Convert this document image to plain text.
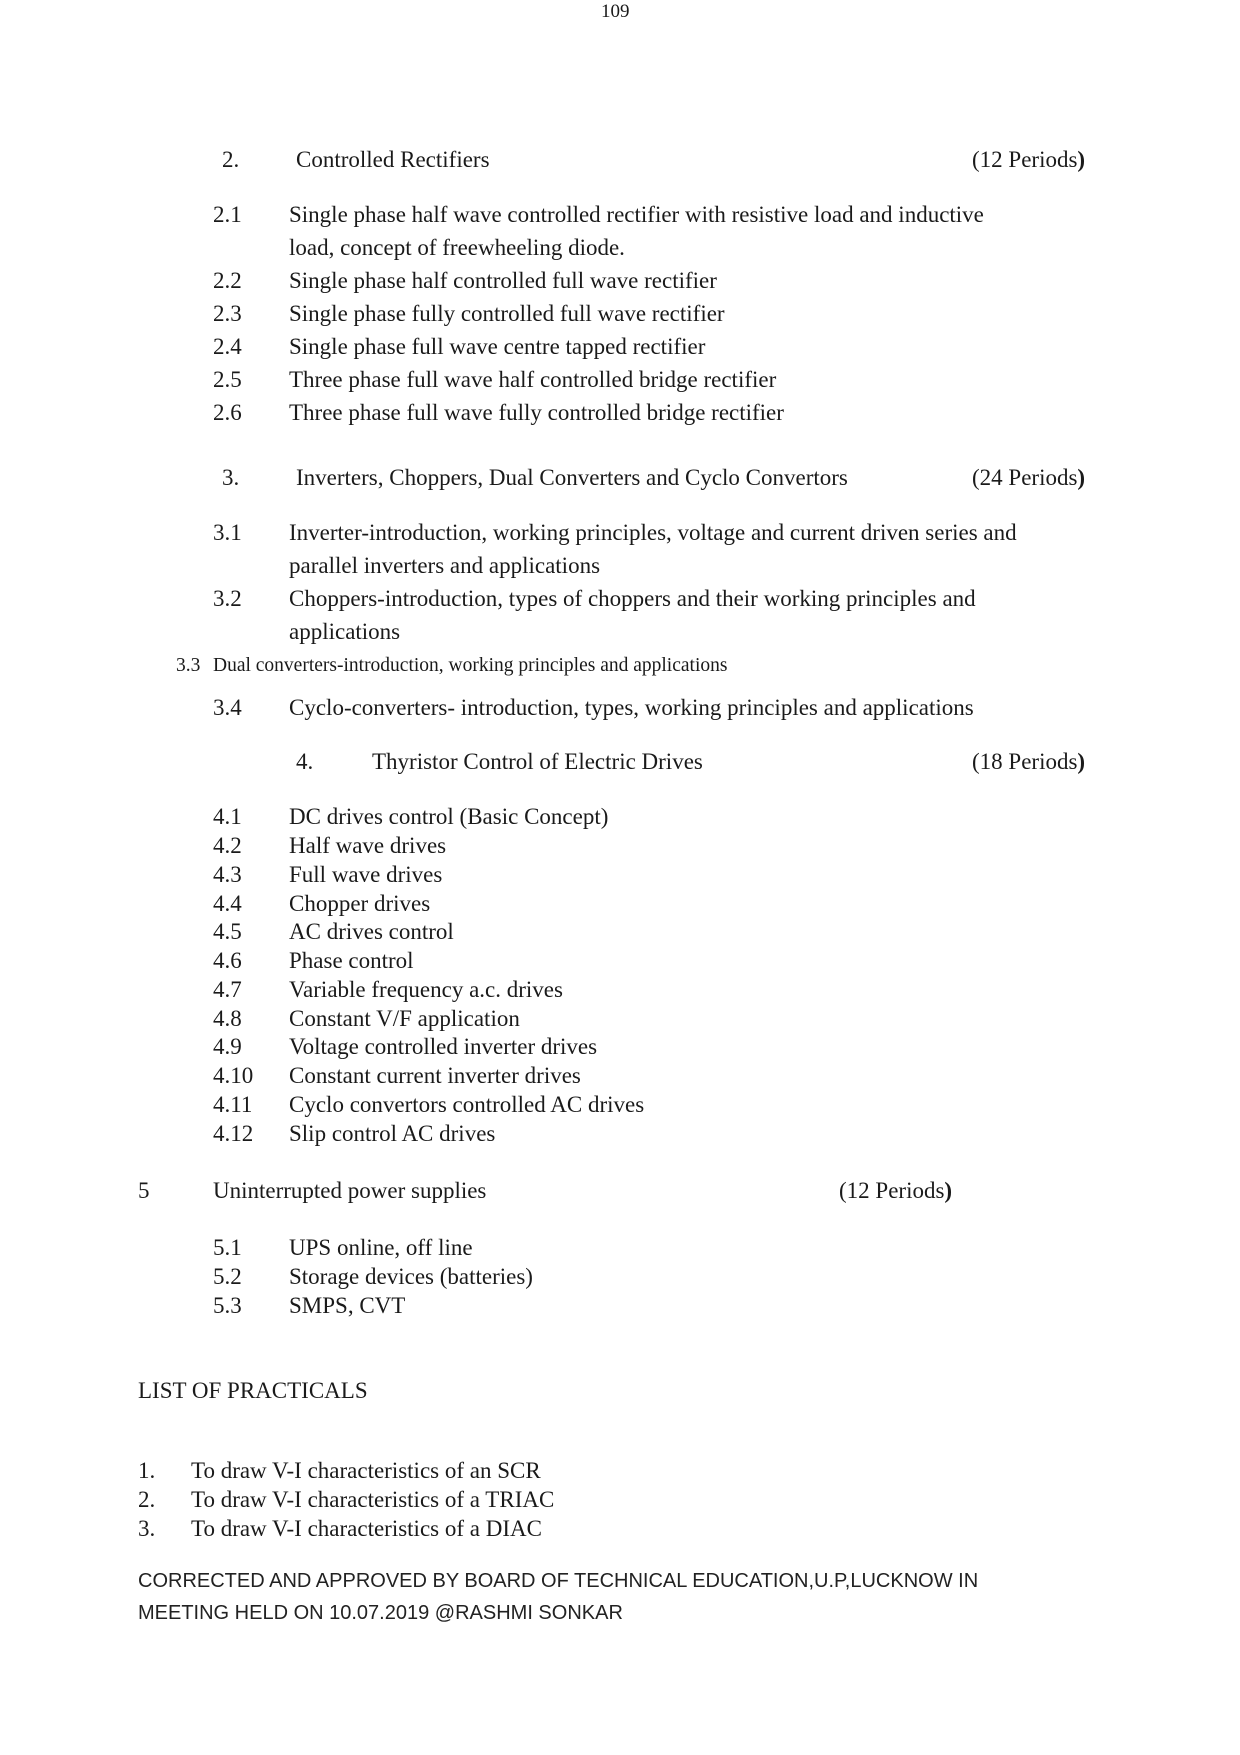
109
2. Controlled Rectifiers	(12 Periods)
2.1 Single phase half wave controlled rectifier with resistive load and inductive
load, concept of freewheeling diode.
2.2 Single phase half controlled full wave rectifier
2.3 Single phase fully controlled full wave rectifier
2.4 Single phase full wave centre tapped rectifier
2.5 Three phase full wave half controlled bridge rectifier
2.6 Three phase full wave fully controlled bridge rectifier
3. Inverters, Choppers, Dual Converters and Cyclo Convertors	(24 Periods)
3.1 Inverter-introduction, working principles, voltage and current driven series and
parallel inverters and applications
3.2 Choppers-introduction, types of choppers and their working principles and
applications
3.3 Dual converters-introduction, working principles and applications
3.4 Cyclo-converters- introduction, types, working principles and applications
4.	Thyristor Control of Electric Drives	(18 Periods)
4.1 DC drives control (Basic Concept)
4.2 Half wave drives
4.3 Full wave drives
4.4 Chopper drives
4.5 AC drives control
4.6 Phase control
4.7 Variable frequency a.c. drives
4.8 Constant V/F application
4.9 Voltage controlled inverter drives
4.10 Constant current inverter drives
4.11 Cyclo convertors controlled AC drives
4.12 Slip control AC drives
5	Uninterrupted power supplies	(12 Periods)
5.1 UPS online, off line
5.2 Storage devices (batteries)
5.3 SMPS, CVT
LIST OF PRACTICALS
1. To draw V-I characteristics of an SCR
2. To draw V-I characteristics of a TRIAC
3. To draw V-I characteristics of a DIAC
CORRECTED AND APPROVED BY BOARD OF TECHNICAL EDUCATION,U.P,LUCKNOW IN
MEETING HELD ON 10.07.2019 @RASHMI SONKAR
